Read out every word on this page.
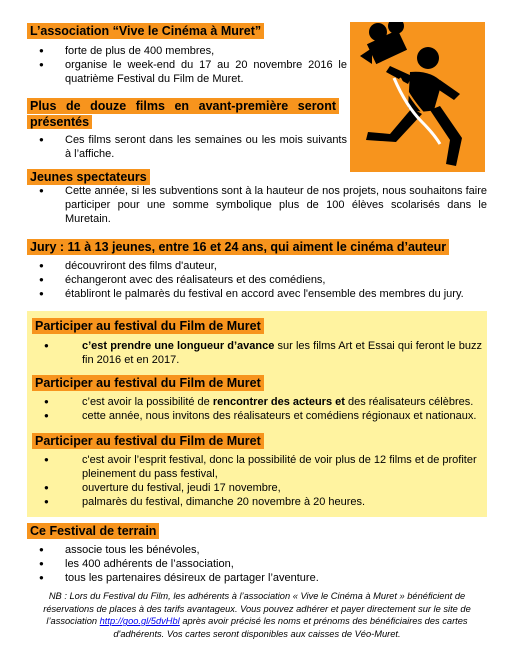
L’association “Vive le Cinéma à Muret”
● forte de plus de 400 membres,
● organise le week-end du 17 au 20 novembre 2016 le quatrième Festival du Film de Muret.
Plus de douze films en avant-première seront
présentés
● Ces films seront dans les semaines ou les mois suivants à l’affiche.
Jeunes spectateurs
● Cette année, si les subventions sont à la hauteur de nos projets, nous souhaitons faire participer pour une somme symbolique plus de 100 élèves scolarisés dans le Muretain.
Jury : 11 à 13 jeunes, entre 16 et 24 ans, qui aiment le cinéma d’auteur
● découvriront des films d'auteur,
● échangeront avec des réalisateurs et des comédiens,
● établiront le palmarès du festival en accord avec l'ensemble des membres du jury.
Participer au festival du Film de Muret
● c’est prendre une longueur d’avance sur les films Art et Essai qui feront le buzz fin 2016 et en 2017.
Participer au festival du Film de Muret
● c’est avoir la possibilité de rencontrer des acteurs et des réalisateurs célèbres.
● cette année, nous invitons des réalisateurs et comédiens régionaux et nationaux.
Participer au festival du Film de Muret
● c'est avoir l’esprit festival, donc la possibilité de voir plus de 12 films et de profiter pleinement du pass festival,
● ouverture du festival, jeudi 17 novembre,
● palmarès du festival, dimanche 20 novembre à 20 heures.
Ce Festival de terrain
● associe tous les bénévoles,
● les 400 adhérents de l’association,
● tous les partenaires désireux de partager l’aventure.
NB : Lors du Festival du Film, les adhérents à l’association « Vive le Cinéma à Muret » bénéficient de réservations de places à des tarifs avantageux. Vous pouvez adhérer et payer directement sur le site de l’association http://goo.gl/5dvHbl après avoir précisé les noms et prénoms des bénéficiaires des cartes d'adhérents. Vos cartes seront disponibles aux caisses de Véo-Muret.
